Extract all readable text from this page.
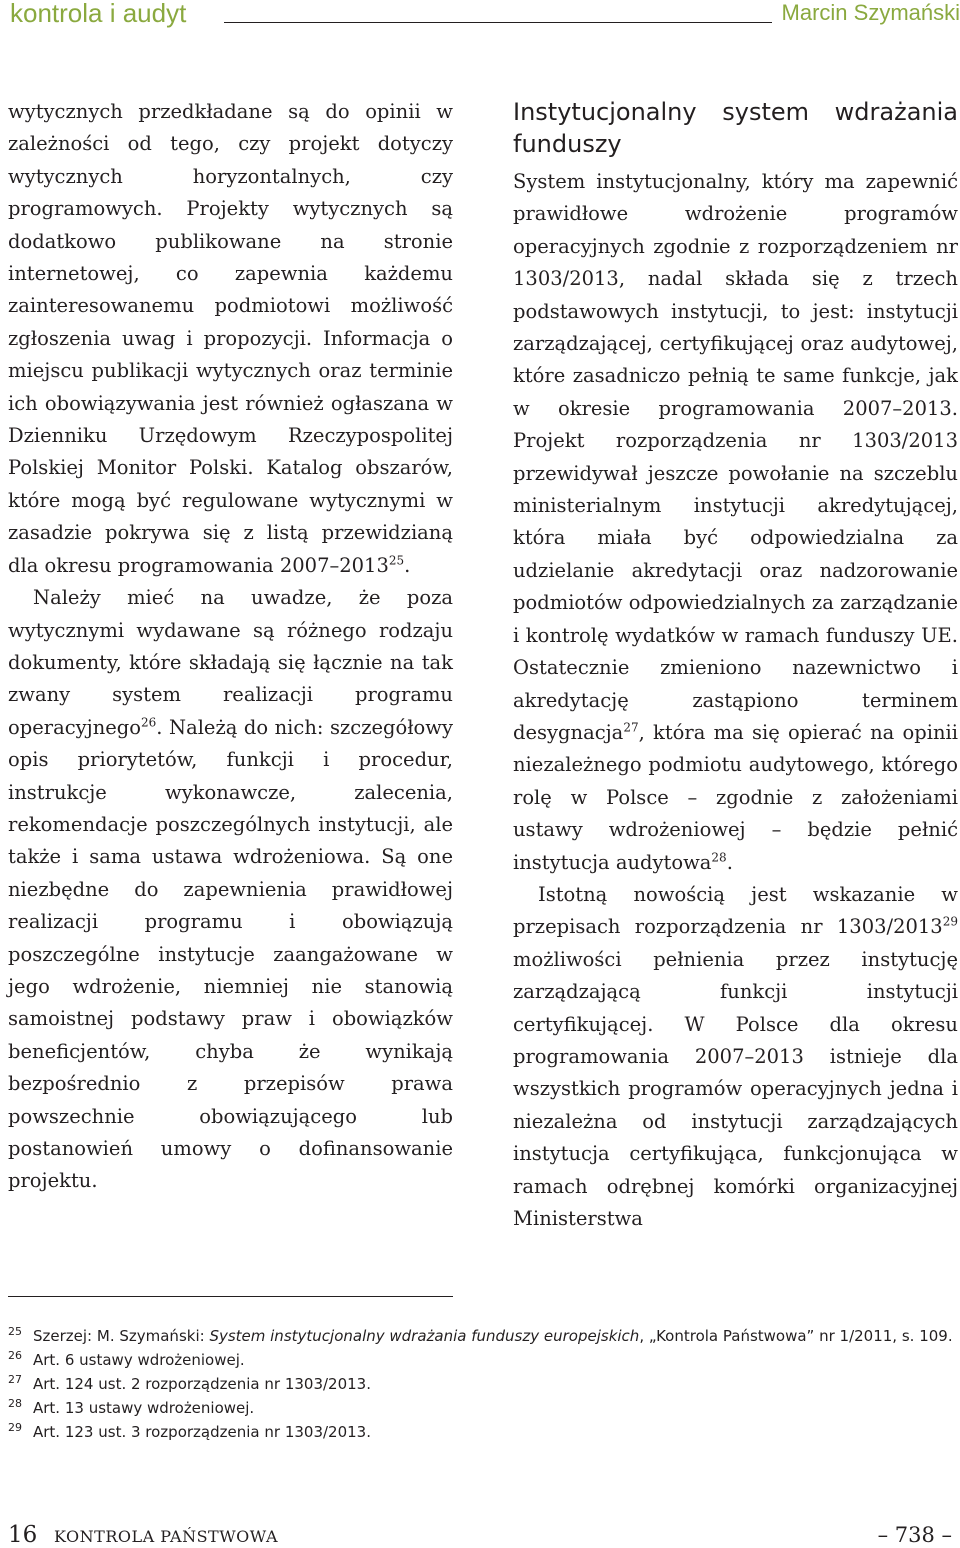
kontrola i audyt	Marcin Szymański

wytycznych przedkładane są do opinii w zależności od tego, czy projekt dotyczy wytycznych horyzontalnych, czy programowych. Projekty wytycznych są dodatkowo publikowane na stronie internetowej, co zapewnia każdemu zainteresowanemu podmiotowi możliwość zgłoszenia uwag i propozycji. Informacja o miejscu publikacji wytycznych oraz terminie ich obowiązywania jest również ogłaszana w Dzienniku Urzędowym Rzeczypospolitej Polskiej Monitor Polski. Katalog obszarów, które mogą być regulowane wytycznymi w zasadzie pokrywa się z listą przewidzianą dla okresu programowania 2007–2013$^{25}$.

Należy mieć na uwadze, że poza wytycznymi wydawane są różnego rodzaju dokumenty, które składają się łącznie na tak zwany system realizacji programu operacyjnego$^{26}$. Należą do nich: szczegółowy opis priorytetów, funkcji i procedur, instrukcje wykonawcze, zalecenia, rekomendacje poszczególnych instytucji, ale także i sama ustawa wdrożeniowa. Są one niezbędne do zapewnienia prawidłowej realizacji programu i obowiązują poszczególne instytucje zaangażowane w jego wdrożenie, niemniej nie stanowią samoistnej podstawy praw i obowiązków beneficjentów, chyba że wynikają bezpośrednio z przepisów prawa powszechnie obowiązującego lub postanowień umowy o dofinansowanie projektu.

Instytucjonalny system wdrażania funduszy

System instytucjonalny, który ma zapewnić prawidłowe wdrożenie programów operacyjnych zgodnie z rozporządzeniem nr 1303/2013, nadal składa się z trzech podstawowych instytucji, to jest: instytucji zarządzającej, certyfikującej oraz audytowej, które zasadniczo pełnią te same funkcje, jak w okresie programowania 2007–2013. Projekt rozporządzenia nr 1303/2013 przewidywał jeszcze powołanie na szczeblu ministerialnym instytucji akredytującej, która miała być odpowiedzialna za udzielanie akredytacji oraz nadzorowanie podmiotów odpowiedzialnych za zarządzanie i kontrolę wydatków w ramach funduszy UE. Ostatecznie zmieniono nazewnictwo i akredytację zastąpiono terminem desygnacja$^{27}$, która ma się opierać na opinii niezależnego podmiotu audytowego, którego rolę w Polsce – zgodnie z założeniami ustawy wdrożeniowej – będzie pełnić instytucja audytowa$^{28}$.

Istotną nowością jest wskazanie w przepisach rozporządzenia nr 1303/2013$^{29}$ możliwości pełnienia przez instytucję zarządzającą funkcji instytucji certyfikującej. W Polsce dla okresu programowania 2007–2013 istnieje dla wszystkich programów operacyjnych jedna i niezależna od instytucji zarządzających instytucja certyfikująca, funkcjonująca w ramach odrębnej komórki organizacyjnej Ministerstwa

25 Szerzej: M. Szymański: System instytucjonalny wdrażania funduszy europejskich, „Kontrola Państwowa” nr 1/2011, s. 109.
26 Art. 6 ustawy wdrożeniowej.
27 Art. 124 ust. 2 rozporządzenia nr 1303/2013.
28 Art. 13 ustawy wdrożeniowej.
29 Art. 123 ust. 3 rozporządzenia nr 1303/2013.
16 KONTROLA PAŃSTWOWA	– 738 –
